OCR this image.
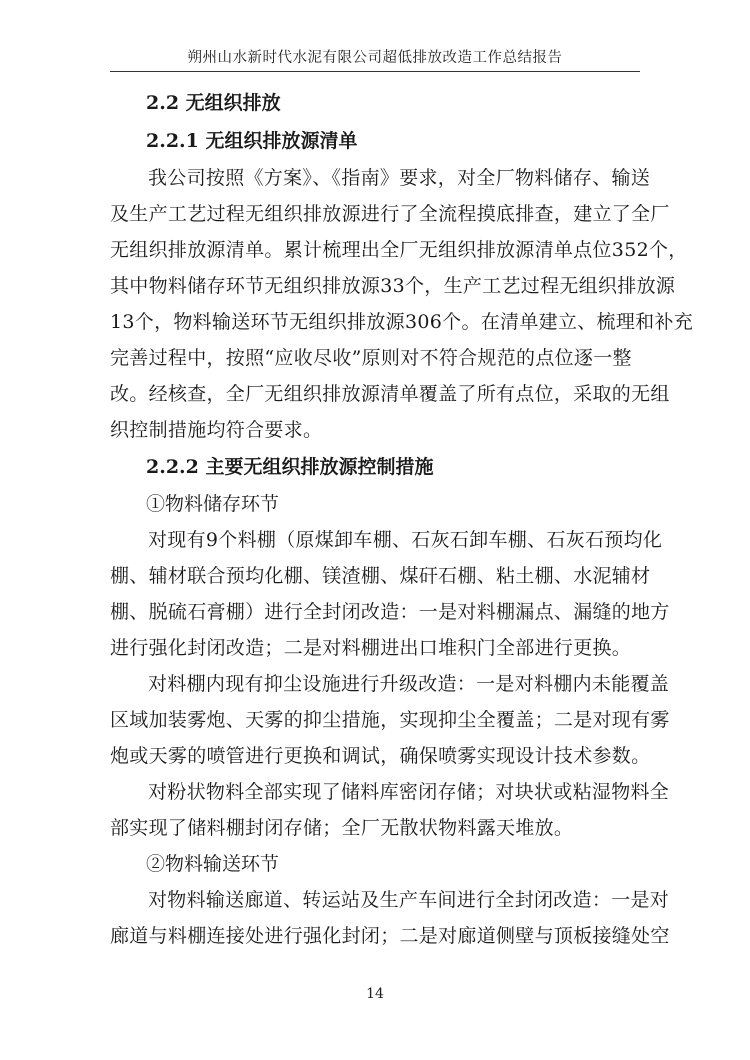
朔州山水新时代水泥有限公司超低排放改造工作总结报告
2.2 无组织排放
2.2.1 无组织排放源清单
我公司按照《方案》、《指南》要求，对全厂物料储存、输送
及生产工艺过程无组织排放源进行了全流程摸底排查，建立了全厂
无组织排放源清单。累计梳理出全厂无组织排放源清单点位352个，
其中物料储存环节无组织排放源33个，生产工艺过程无组织排放源
13个，物料输送环节无组织排放源306个。在清单建立、梳理和补充
完善过程中，按照“应收尽收”原则对不符合规范的点位逐一整
改。经核查，全厂无组织排放源清单覆盖了所有点位，采取的无组
织控制措施均符合要求。
2.2.2 主要无组织排放源控制措施
①物料储存环节
对现有9个料棚（原煤卸车棚、石灰石卸车棚、石灰石预均化
棚、辅材联合预均化棚、镁渣棚、煤矸石棚、粘土棚、水泥辅材
棚、脱硫石膏棚）进行全封闭改造：一是对料棚漏点、漏缝的地方
进行强化封闭改造；二是对料棚进出口堆积门全部进行更换。
对料棚内现有抑尘设施进行升级改造：一是对料棚内未能覆盖
区域加装雾炮、天雾的抑尘措施，实现抑尘全覆盖；二是对现有雾
炮或天雾的喷管进行更换和调试，确保喷雾实现设计技术参数。
对粉状物料全部实现了储料库密闭存储；对块状或粘湿物料全
部实现了储料棚封闭存储；全厂无散状物料露天堆放。
②物料输送环节
对物料输送廊道、转运站及生产车间进行全封闭改造：一是对
廊道与料棚连接处进行强化封闭；二是对廊道侧壁与顶板接缝处空
14
